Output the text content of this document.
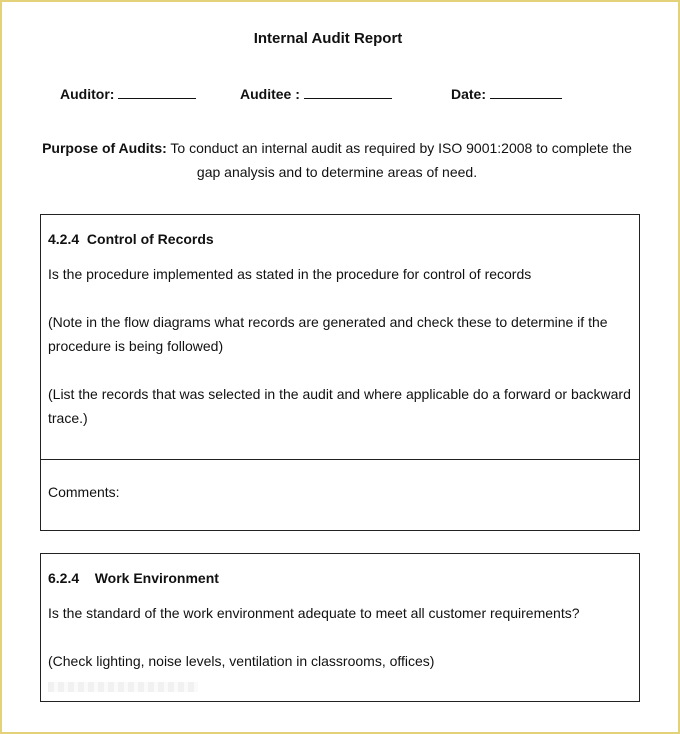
Internal Audit Report
Auditor:	Auditee :	Date:
Purpose of Audits: To conduct an internal audit as required by ISO 9001:2008 to complete the
gap analysis and to determine areas of need.
4.2.4 Control of Records
Is the procedure implemented as stated in the procedure for control of records
(Note in the flow diagrams what records are generated and check these to determine if the
procedure is being followed)
(List the records that was selected in the audit and where applicable do a forward or backward
trace.)
Comments:
6.2.4 Work Environment
Is the standard of the work environment adequate to meet all customer requirements?
(Check lighting, noise levels, ventilation in classrooms, offices)
